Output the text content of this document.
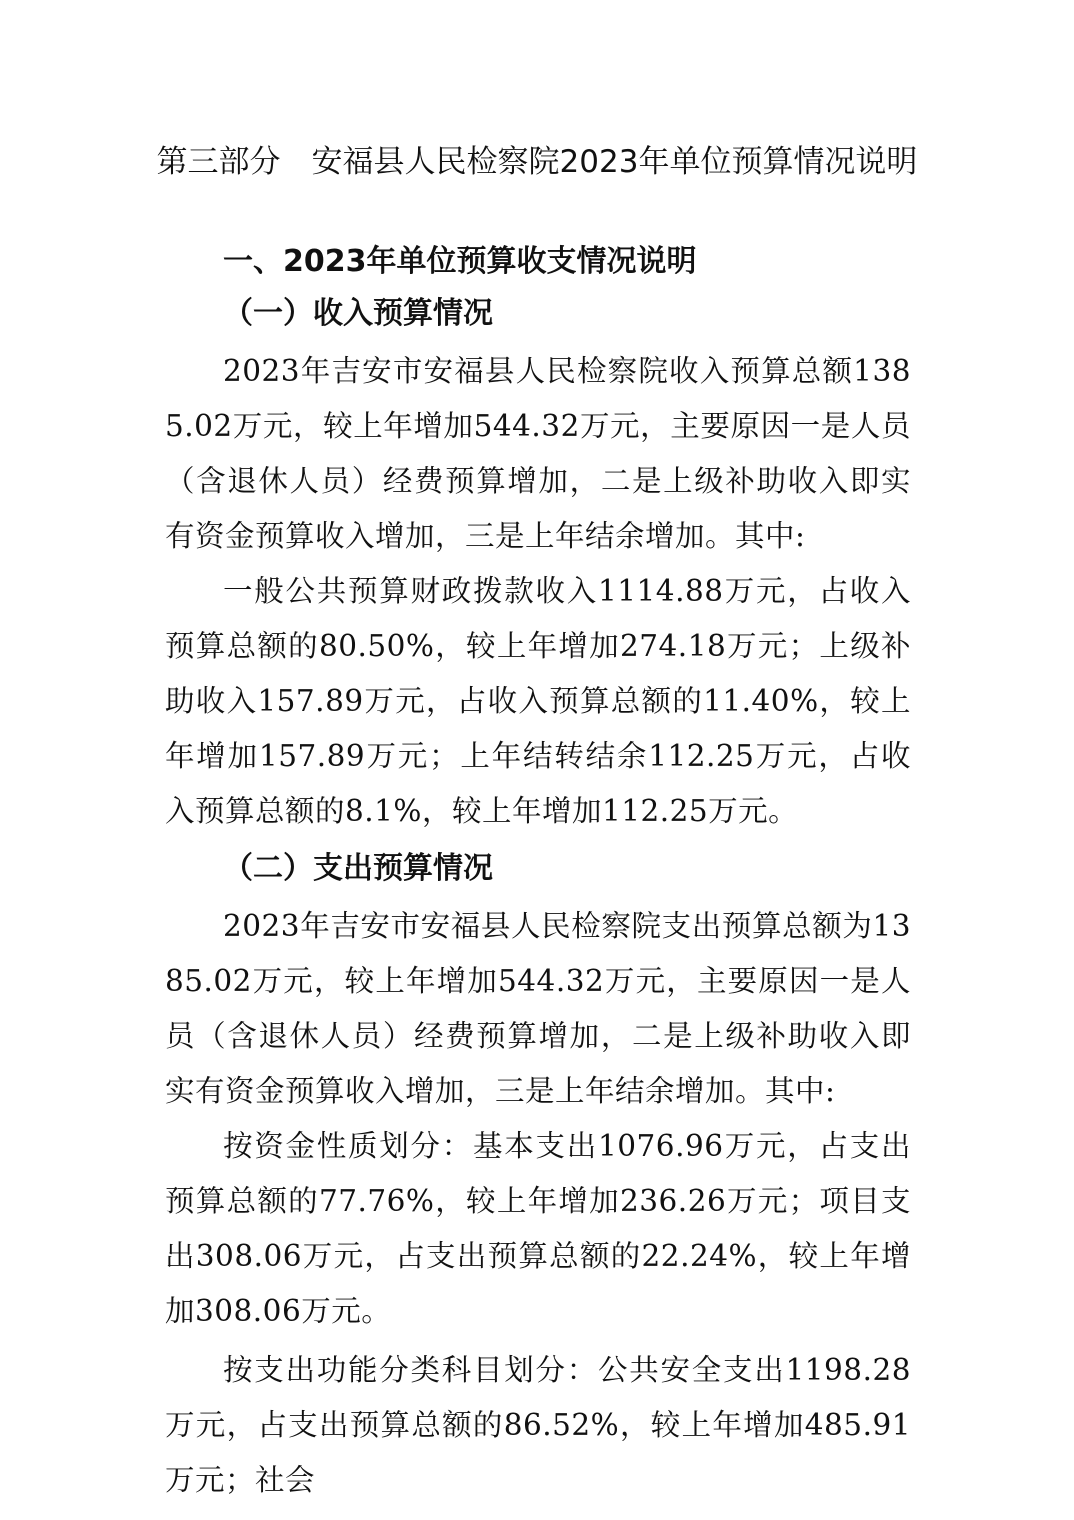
第三部分　安福县人民检察院2023年单位预算情况说明

一、2023年单位预算收支情况说明

（一）收入预算情况

2023年吉安市安福县人民检察院收入预算总额1385.02万元，较上年增加544.32万元，主要原因一是人员（含退休人员）经费预算增加，二是上级补助收入即实有资金预算收入增加，三是上年结余增加。其中:

一般公共预算财政拨款收入1114.88万元，占收入预算总额的80.50%，较上年增加274.18万元；上级补助收入157.89万元，占收入预算总额的11.40%，较上年增加157.89万元；上年结转结余112.25万元，占收入预算总额的8.1%，较上年增加112.25万元。

（二）支出预算情况

2023年吉安市安福县人民检察院支出预算总额为1385.02万元，较上年增加544.32万元，主要原因一是人员（含退休人员）经费预算增加，二是上级补助收入即实有资金预算收入增加，三是上年结余增加。其中:

按资金性质划分：基本支出1076.96万元，占支出预算总额的77.76%，较上年增加236.26万元；项目支出308.06万元，占支出预算总额的22.24%，较上年增加308.06万元。

按支出功能分类科目划分：公共安全支出1198.28万元，占支出预算总额的86.52%，较上年增加485.91万元；社会
